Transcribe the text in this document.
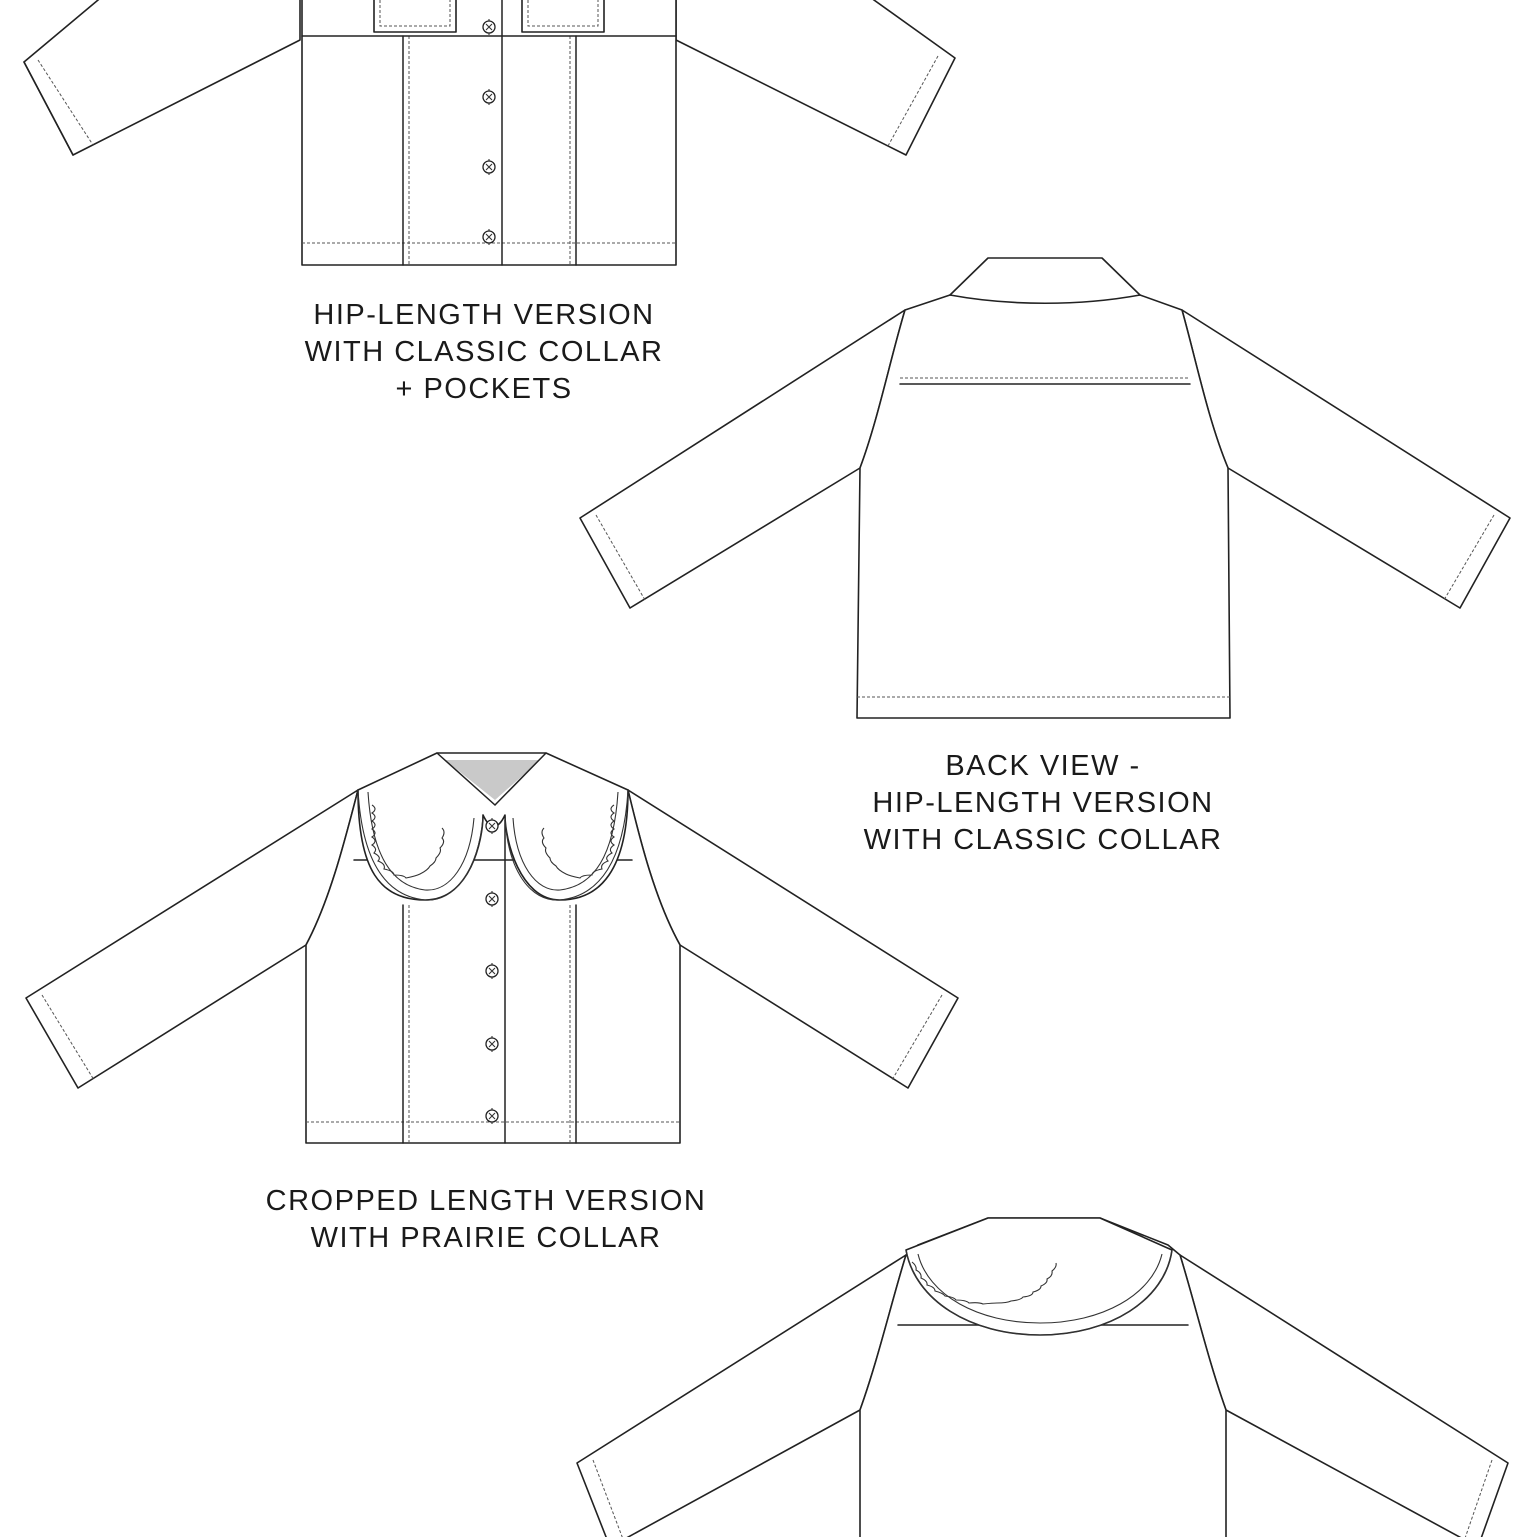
HIP-LENGTH VERSION
WITH CLASSIC COLLAR
+ POCKETS
BACK VIEW -
HIP-LENGTH VERSION
WITH CLASSIC COLLAR
CROPPED LENGTH VERSION
WITH PRAIRIE COLLAR
